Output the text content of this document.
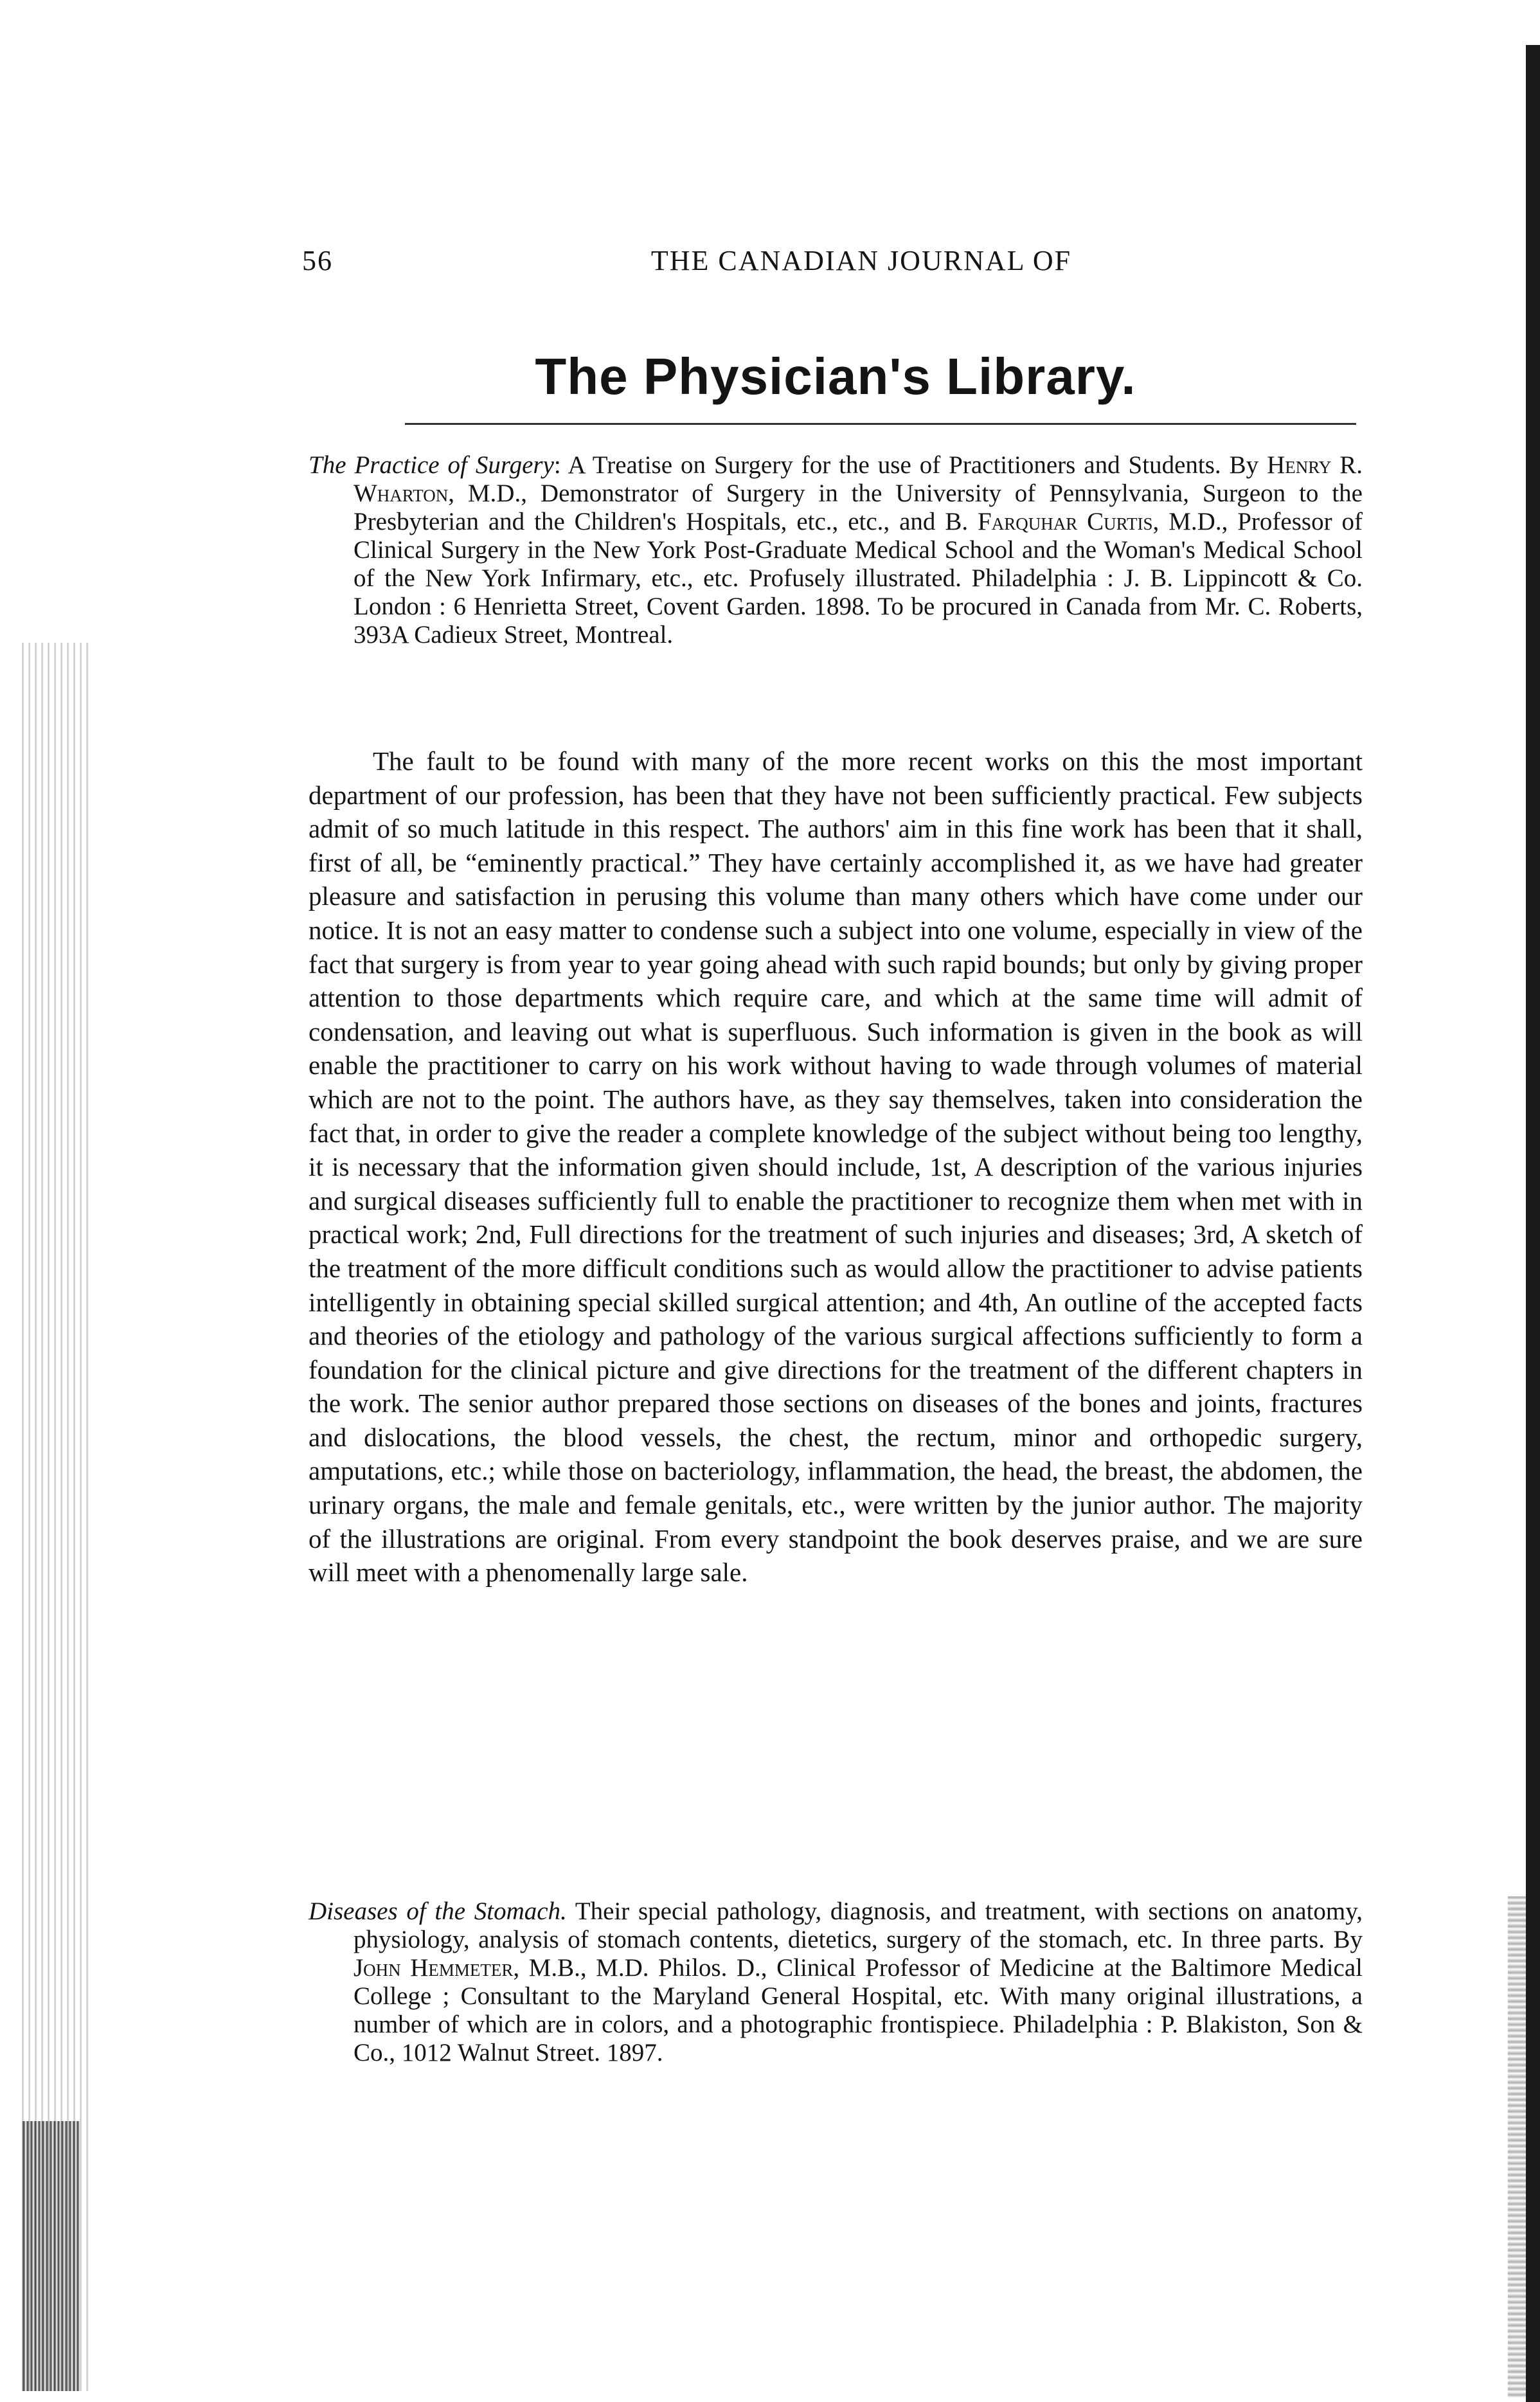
56	THE CANADIAN JOURNAL OF
The Physician's Library.

The Practice of Surgery: A Treatise on Surgery for the use of Practitioners and Students. By Henry R. Wharton, M.D., Demonstrator of Surgery in the University of Pennsylvania, Surgeon to the Presbyterian and the Children's Hospitals, etc., etc., and B. Farquhar Curtis, M.D., Professor of Clinical Surgery in the New York Post-Graduate Medical School and the Woman's Medical School of the New York Infirmary, etc., etc. Profusely illustrated. Philadelphia : J. B. Lippincott & Co. London : 6 Henrietta Street, Covent Garden. 1898. To be procured in Canada from Mr. C. Roberts, 393A Cadieux Street, Montreal.

The fault to be found with many of the more recent works on this the most important department of our profession, has been that they have not been sufficiently practical. Few subjects admit of so much latitude in this respect. The authors' aim in this fine work has been that it shall, first of all, be “eminently practical.” They have certainly accomplished it, as we have had greater pleasure and satisfaction in perusing this volume than many others which have come under our notice. It is not an easy matter to condense such a subject into one volume, especially in view of the fact that surgery is from year to year going ahead with such rapid bounds; but only by giving proper attention to those departments which require care, and which at the same time will admit of condensation, and leaving out what is superfluous. Such information is given in the book as will enable the practitioner to carry on his work without having to wade through volumes of material which are not to the point. The authors have, as they say themselves, taken into consideration the fact that, in order to give the reader a complete knowledge of the subject without being too lengthy, it is necessary that the information given should include, 1st, A description of the various injuries and surgical diseases sufficiently full to enable the practitioner to recognize them when met with in practical work; 2nd, Full directions for the treatment of such injuries and diseases; 3rd, A sketch of the treatment of the more difficult conditions such as would allow the practitioner to advise patients intelligently in obtaining special skilled surgical attention; and 4th, An outline of the accepted facts and theories of the etiology and pathology of the various surgical affections sufficiently to form a foundation for the clinical picture and give directions for the treatment of the different chapters in the work. The senior author prepared those sections on diseases of the bones and joints, fractures and dislocations, the blood vessels, the chest, the rectum, minor and orthopedic surgery, amputations, etc.; while those on bacteriology, inflammation, the head, the breast, the abdomen, the urinary organs, the male and female genitals, etc., were written by the junior author. The majority of the illustrations are original. From every standpoint the book deserves praise, and we are sure will meet with a phenomenally large sale.

Diseases of the Stomach. Their special pathology, diagnosis, and treatment, with sections on anatomy, physiology, analysis of stomach contents, dietetics, surgery of the stomach, etc. In three parts. By John Hemmeter, M.B., M.D. Philos. D., Clinical Professor of Medicine at the Baltimore Medical College ; Consultant to the Maryland General Hospital, etc. With many original illustrations, a number of which are in colors, and a photographic frontispiece. Philadelphia : P. Blakiston, Son & Co., 1012 Walnut Street. 1897.
